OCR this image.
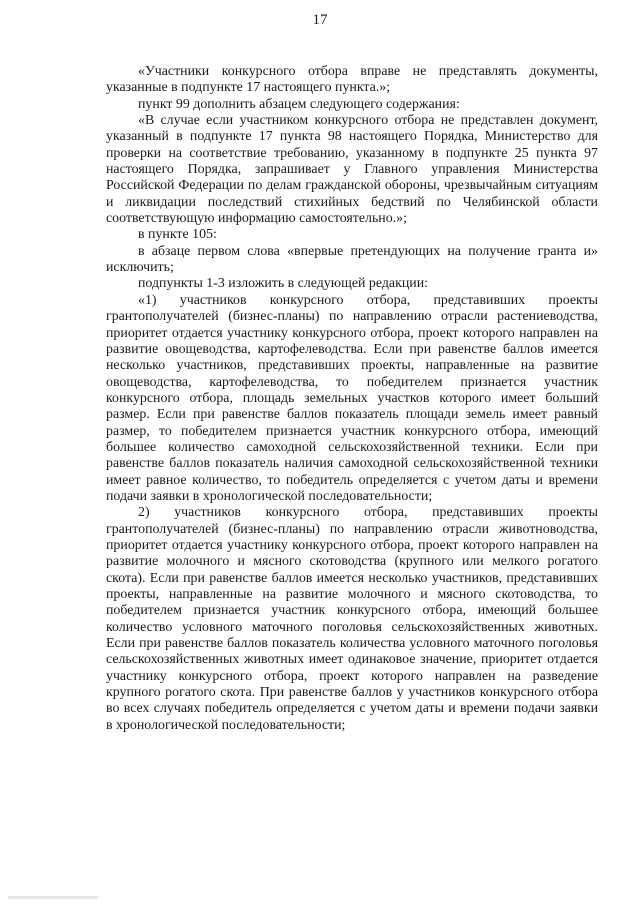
17

«Участники конкурсного отбора вправе не представлять документы, указанные в подпункте 17 настоящего пункта.»;

пункт 99 дополнить абзацем следующего содержания:

«В случае если участником конкурсного отбора не представлен документ, указанный в подпункте 17 пункта 98 настоящего Порядка, Министерство для проверки на соответствие требованию, указанному в подпункте 25 пункта 97 настоящего Порядка, запрашивает у Главного управления Министерства Российской Федерации по делам гражданской обороны, чрезвычайным ситуациям и ликвидации последствий стихийных бедствий по Челябинской области соответствующую информацию самостоятельно.»;

в пункте 105:

в абзаце первом слова «впервые претендующих на получение гранта и» исключить;

подпункты 1-3 изложить в следующей редакции:

«1) участников конкурсного отбора, представивших проекты грантополучателей (бизнес-планы) по направлению отрасли растениеводства, приоритет отдается участнику конкурсного отбора, проект которого направлен на развитие овощеводства, картофелеводства. Если при равенстве баллов имеется несколько участников, представивших проекты, направленные на развитие овощеводства, картофелеводства, то победителем признается участник конкурсного отбора, площадь земельных участков которого имеет больший размер. Если при равенстве баллов показатель площади земель имеет равный размер, то победителем признается участник конкурсного отбора, имеющий большее количество самоходной сельскохозяйственной техники. Если при равенстве баллов показатель наличия самоходной сельскохозяйственной техники имеет равное количество, то победитель определяется с учетом даты и времени подачи заявки в хронологической последовательности;

2) участников конкурсного отбора, представивших проекты грантополучателей (бизнес-планы) по направлению отрасли животноводства, приоритет отдается участнику конкурсного отбора, проект которого направлен на развитие молочного и мясного скотоводства (крупного или мелкого рогатого скота). Если при равенстве баллов имеется несколько участников, представивших проекты, направленные на развитие молочного и мясного скотоводства, то победителем признается участник конкурсного отбора, имеющий большее количество условного маточного поголовья сельскохозяйственных животных. Если при равенстве баллов показатель количества условного маточного поголовья сельскохозяйственных животных имеет одинаковое значение, приоритет отдается участнику конкурсного отбора, проект которого направлен на разведение крупного рогатого скота. При равенстве баллов у участников конкурсного отбора во всех случаях победитель определяется с учетом даты и времени подачи заявки в хронологической последовательности;
